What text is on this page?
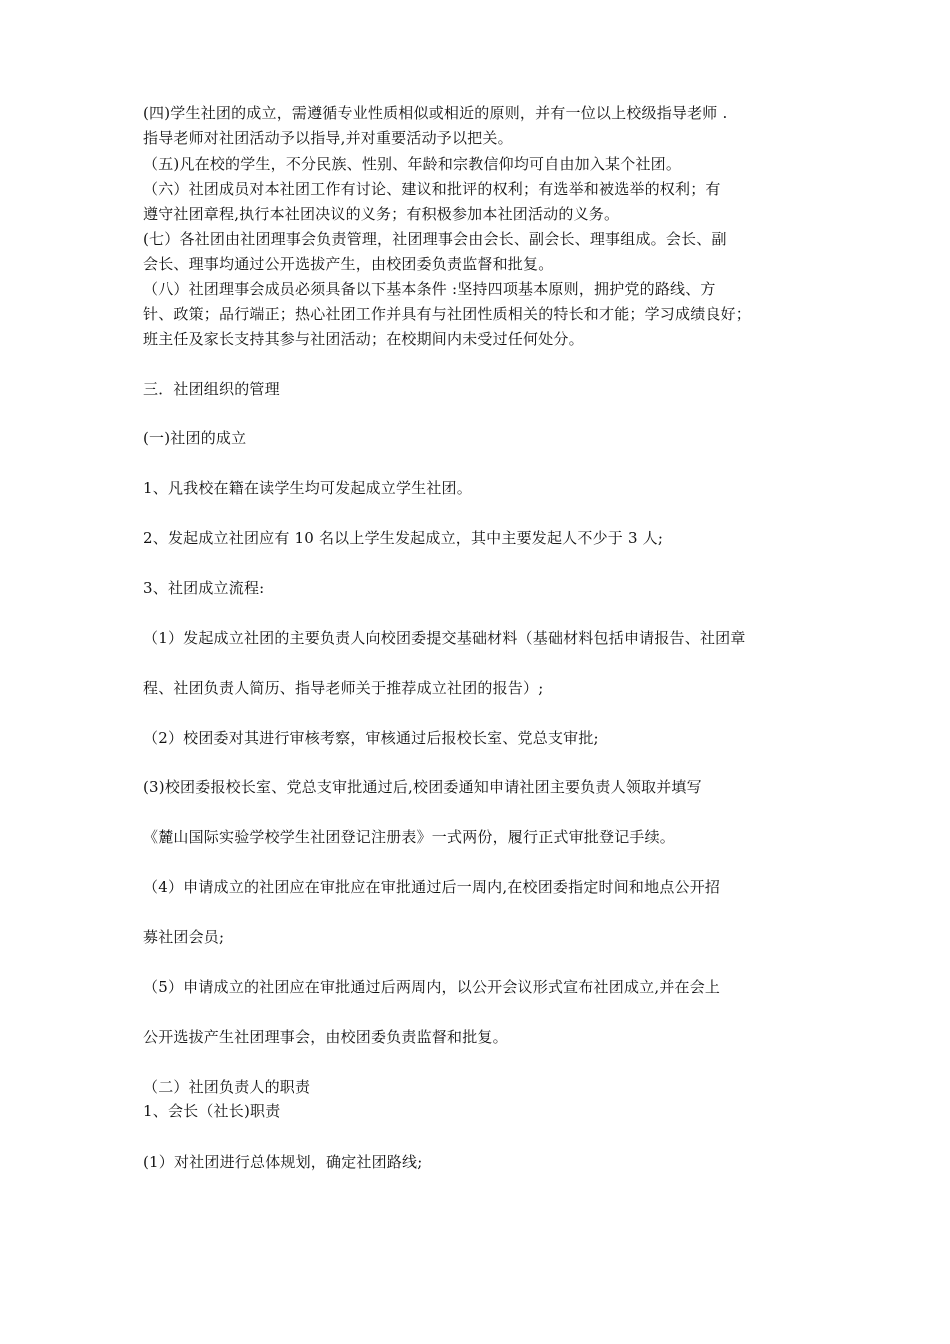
(四)学生社团的成立，需遵循专业性质相似或相近的原则，并有一位以上校级指导老师 .
指导老师对社团活动予以指导,并对重要活动予以把关。
（五)凡在校的学生，不分民族、性别、年龄和宗教信仰均可自由加入某个社团。
（六）社团成员对本社团工作有讨论、建议和批评的权利；有选举和被选举的权利；有
遵守社团章程,执行本社团决议的义务；有积极参加本社团活动的义务。
(七）各社团由社团理事会负责管理，社团理事会由会长、副会长、理事组成。会长、副
会长、理事均通过公开选拔产生，由校团委负责监督和批复。
（八）社团理事会成员必须具备以下基本条件 :坚持四项基本原则，拥护党的路线、方
针、政策；品行端正；热心社团工作并具有与社团性质相关的特长和才能；学习成绩良好；
班主任及家长支持其参与社团活动；在校期间内未受过任何处分。
三．社团组织的管理
(一)社团的成立
1、凡我校在籍在读学生均可发起成立学生社团。
2、发起成立社团应有 10 名以上学生发起成立，其中主要发起人不少于 3 人;
3、社团成立流程:
（1）发起成立社团的主要负责人向校团委提交基础材料（基础材料包括申请报告、社团章
程、社团负责人简历、指导老师关于推荐成立社团的报告）;
（2）校团委对其进行审核考察，审核通过后报校长室、党总支审批;
(3)校团委报校长室、党总支审批通过后,校团委通知申请社团主要负责人领取并填写
《麓山国际实验学校学生社团登记注册表》一式两份，履行正式审批登记手续。
（4）申请成立的社团应在审批应在审批通过后一周内,在校团委指定时间和地点公开招
募社团会员;
（5）申请成立的社团应在审批通过后两周内，以公开会议形式宣布社团成立,并在会上
公开选拔产生社团理事会，由校团委负责监督和批复。
（二）社团负责人的职责
1、会长（社长)职责
(1）对社团进行总体规划，确定社团路线;
